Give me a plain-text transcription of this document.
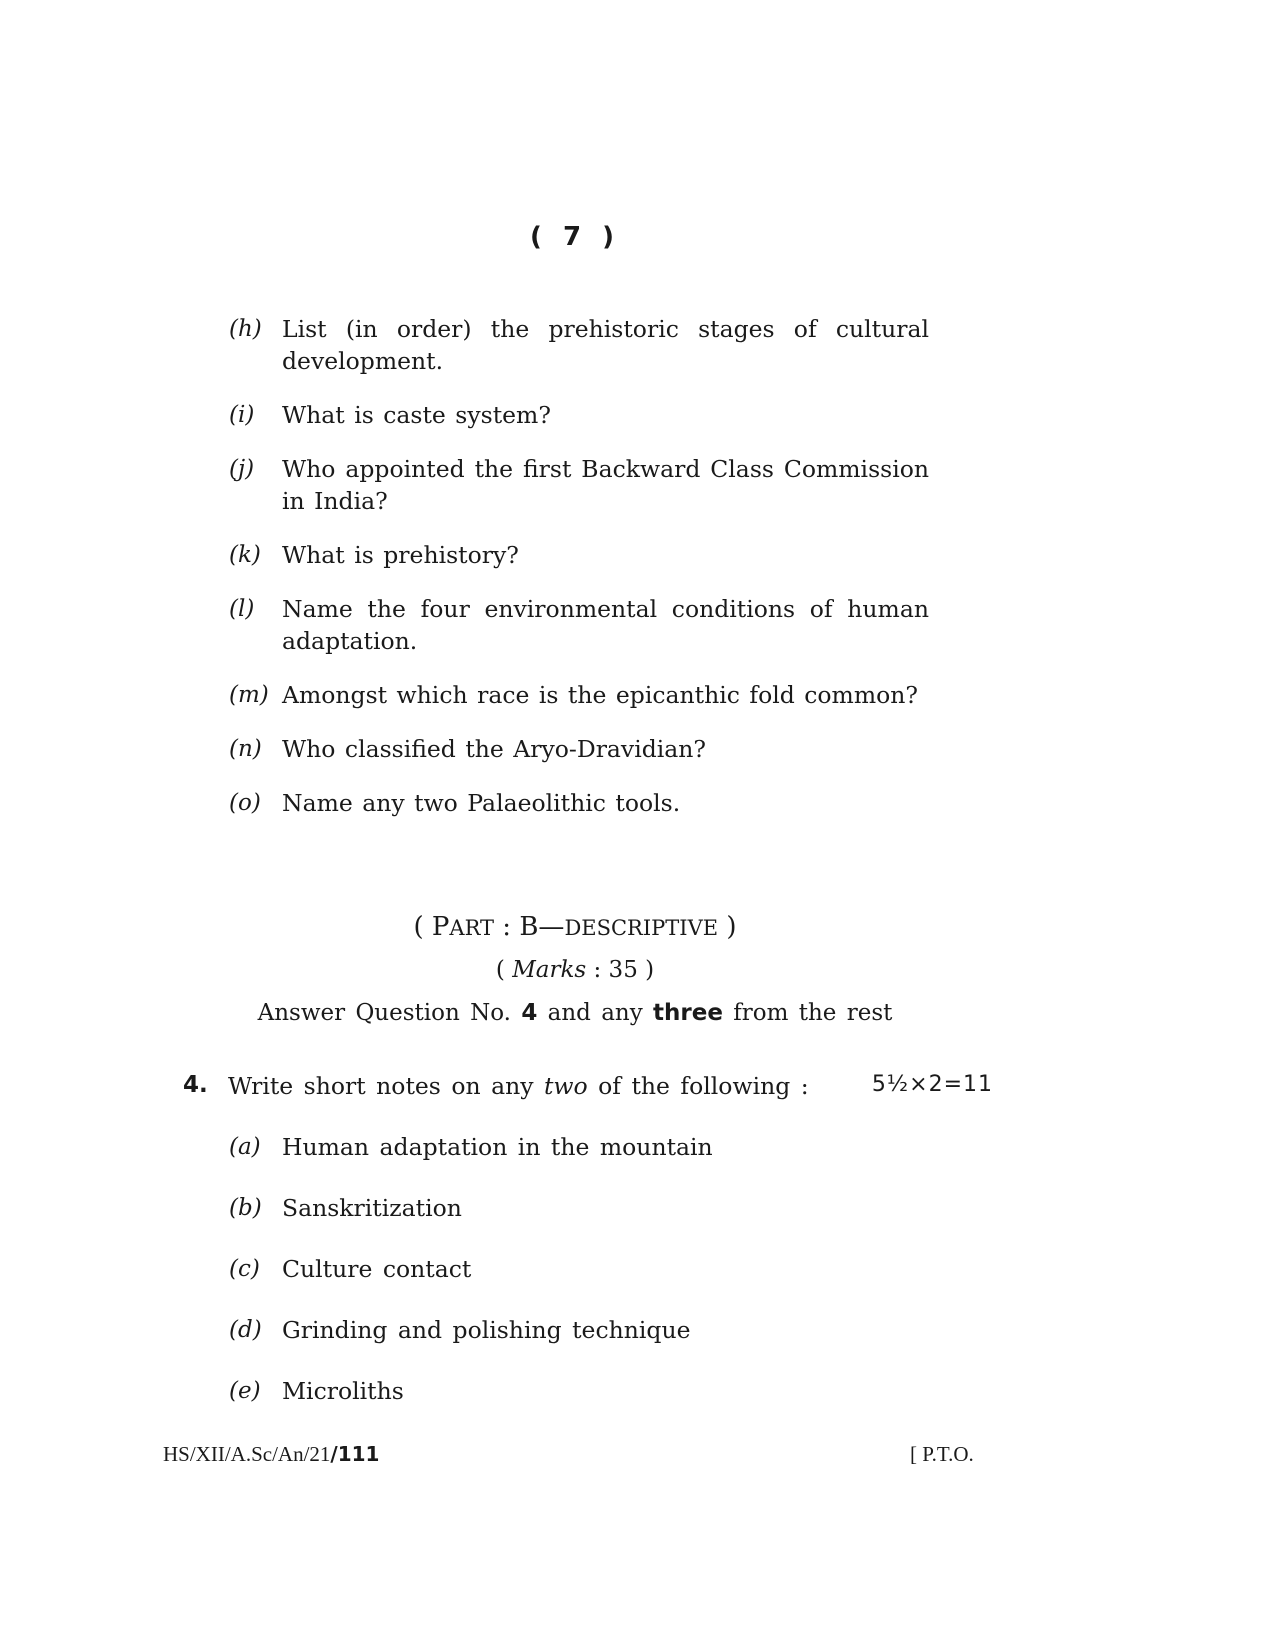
( 7 )
(h) List (in order) the prehistoric stages of cultural development.
(i) What is caste system?
(j) Who appointed the first Backward Class Commission in India?
(k) What is prehistory?
(l) Name the four environmental conditions of human adaptation.
(m) Amongst which race is the epicanthic fold common?
(n) Who classified the Aryo-Dravidian?
(o) Name any two Palaeolithic tools.
( PART : B—DESCRIPTIVE )
( Marks : 35 )
Answer Question No. 4 and any three from the rest
4. Write short notes on any two of the following :	5½×2=11
(a) Human adaptation in the mountain
(b) Sanskritization
(c) Culture contact
(d) Grinding and polishing technique
(e) Microliths
HS/XII/A.Sc/An/21/111	[ P.T.O.
